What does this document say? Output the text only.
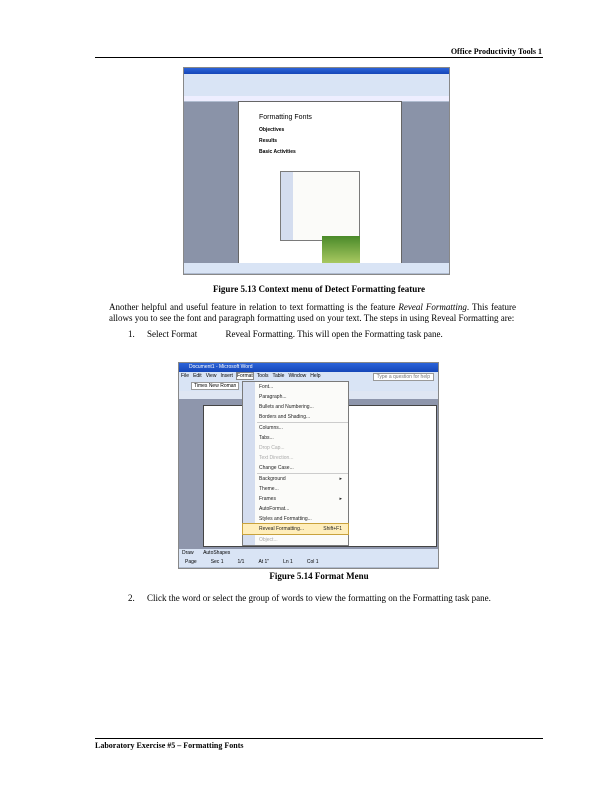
Office Productivity Tools 1
Formatting Fonts
Objectives
Results
Basic Activities
Figure 5.13 Context menu of Detect Formatting feature
Another helpful and useful feature in relation to text formatting is the feature Reveal Formatting. This feature allows you to see the font and paragraph formatting used on your text. The steps in using Reveal Formatting are:
1. Select Format	Reveal Formatting. This will open the Formatting task pane.
Document1 - Microsoft Word
File Edit View Insert Format Tools Table Window Help	Type a question for help
Times New Roman	Font...
Paragraph...
Bullets and Numbering...
Borders and Shading...
Columns...
Tabs...
Drop Cap...
Text Direction...
Change Case...
Background	▸
Theme...
Frames	▸
AutoFormat...
Styles and Formatting...
Reveal Formatting...	Shift+F1
Object...
Draw AutoShapes
Page	Sec 1	1/1	At 1"	Ln 1	Col 1
Figure 5.14 Format Menu
2. Click the word or select the group of words to view the formatting on the Formatting task pane.
Laboratory Exercise #5 – Formatting Fonts
